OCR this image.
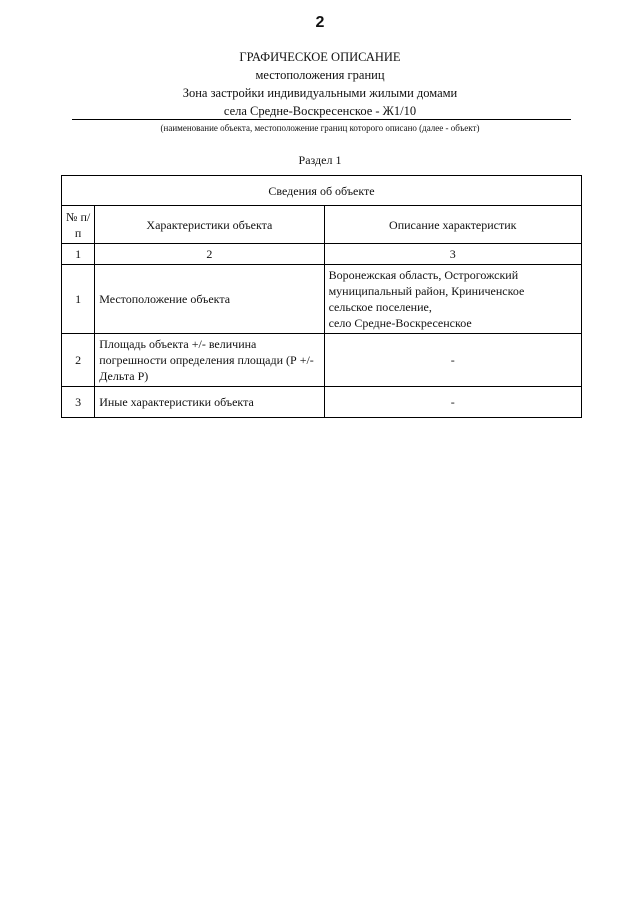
2
ГРАФИЧЕСКОЕ ОПИСАНИЕ
местоположения границ
Зона застройки индивидуальными жилыми домами
села Средне-Воскресенское - Ж1/10
(наименование объекта, местоположение границ которого описано (далее - объект)
Раздел 1
Сведения об объекте		
№ п/п	Характеристики объекта	Описание характеристик
1	2	3
1	Местоположение объекта	Воронежская область, Острогожский
муниципальный район, Криниченское
сельское поселение,
село Средне-Воскресенское

2	Площадь объекта +/- величина погрешности определения площади (Р +/- Дельта Р)	-
3	Иные характеристики объекта	-
